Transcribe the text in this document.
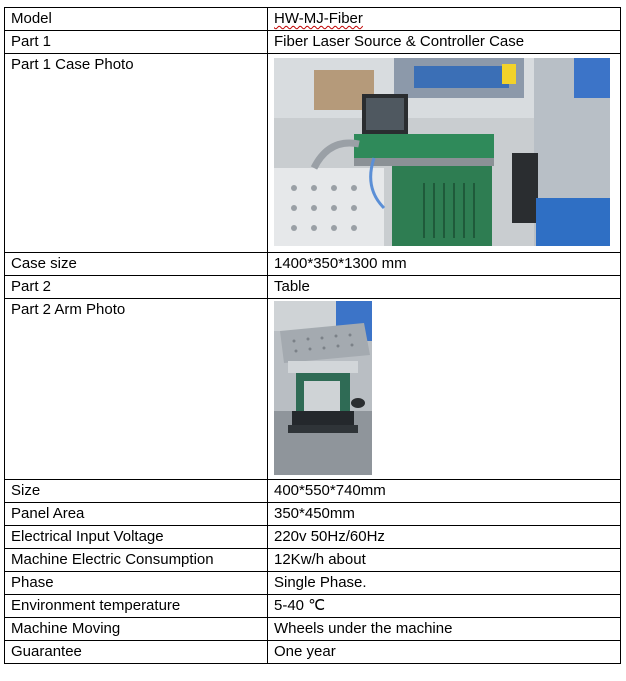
Model	HW-MJ-Fiber
Part 1	Fiber Laser Source & Controller Case
Part 1 Case Photo	

Case size	1400*350*1300 mm
Part 2	Table
Part 2 Arm Photo	

Size	400*550*740mm
Panel Area	350*450mm
Electrical Input Voltage	220v 50Hz/60Hz
Machine Electric Consumption	12Kw/h about
Phase	Single Phase.
Environment temperature	5-40 ℃
Machine Moving	Wheels under the machine
Guarantee	One year
